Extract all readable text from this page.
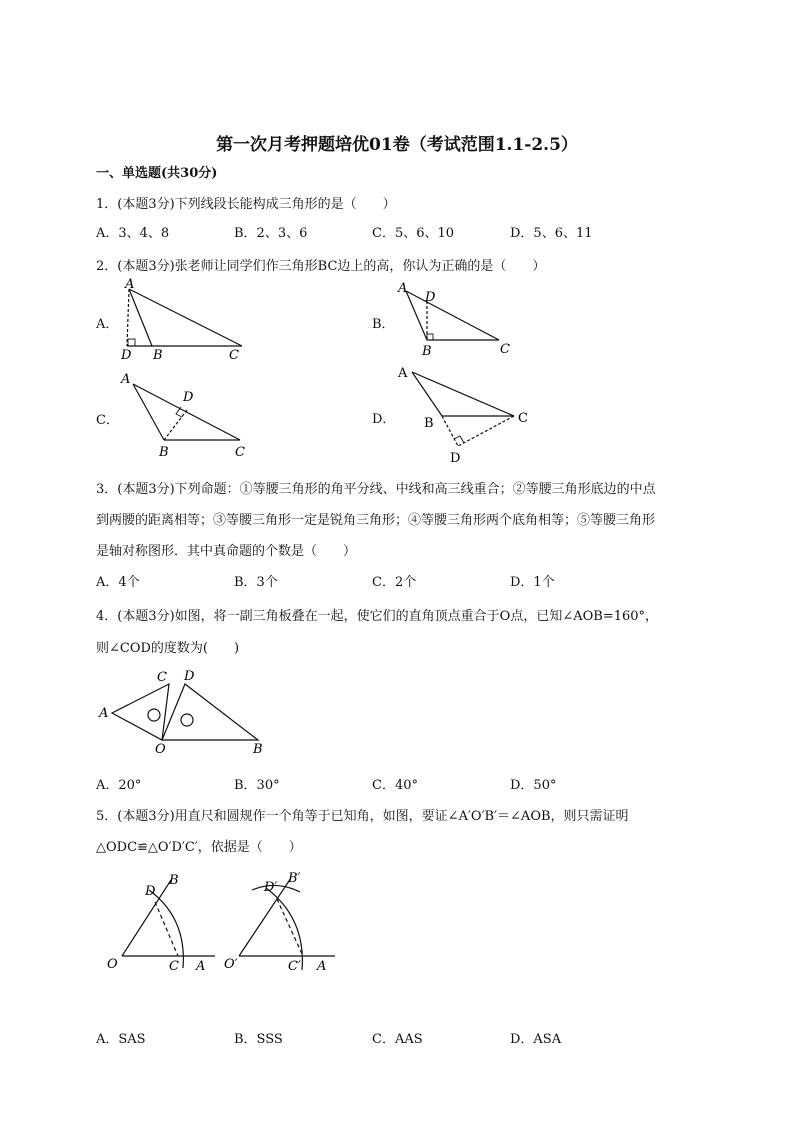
第一次月考押题培优01卷（考试范围1.1-2.5）
一、单选题(共30分)
1．(本题3分)下列线段长能构成三角形的是（　　）
A．3、4、8	B．2、3、6	C．5、6、10	D．5、6、11
2．(本题3分)张老师让同学们作三角形BC边上的高，你认为正确的是（　　）
A．
A
D B	C
B．
A
D
B	C
C．
A
D
B	C
D．
A
B	C
D
3．(本题3分)下列命题：①等腰三角形的角平分线、中线和高三线重合；②等腰三角形底边的中点
到两腰的距离相等；③等腰三角形一定是锐角三角形；④等腰三角形两个底角相等；⑤等腰三角形
是轴对称图形．其中真命题的个数是（　　）
A．4个	B．3个	C．2个	D．1个
4．(本题3分)如图，将一副三角板叠在一起，使它们的直角顶点重合于O点，已知∠AOB=160°，
则∠COD的度数为(　　)
A
C D
O	B
A．20°	B．30°	C．40°	D．50°
5．(本题3分)用直尺和圆规作一个角等于已知角，如图，要证∠A′O′B′＝∠AOB，则只需证明
△ODC≌△O′D′C′，依据是（　　）
O
D
B
C A O′
D′
B′
C′ A
A．SAS	B．SSS	C．AAS	D．ASA
